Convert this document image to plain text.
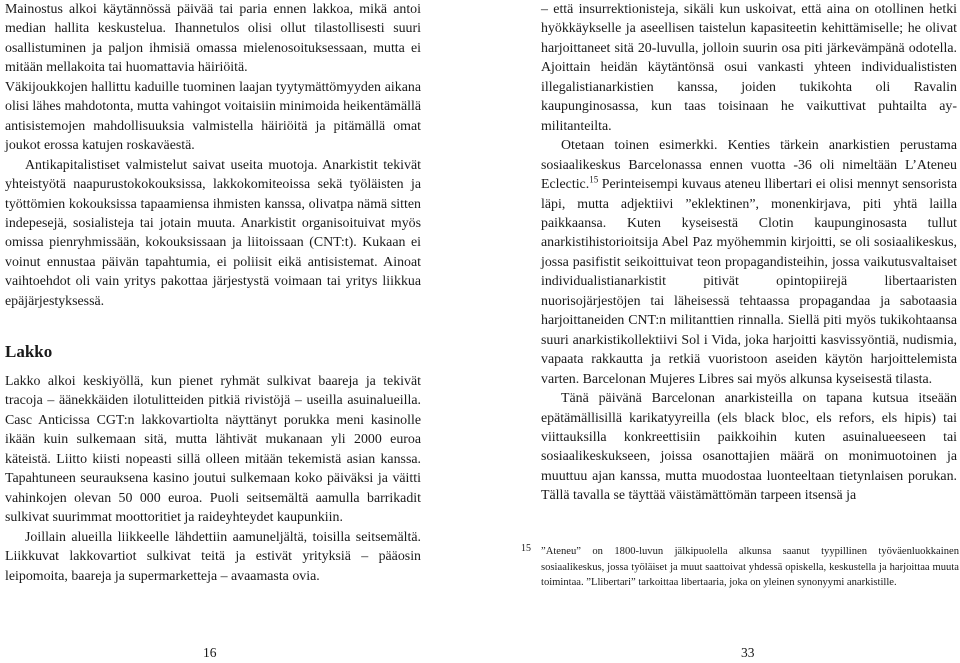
Mainostus alkoi käytännössä päivää tai paria ennen lakkoa, mikä antoi median hallita keskustelua. Ihannetulos olisi ollut tilastollisesti suuri osallistuminen ja paljon ihmisiä omassa mielenosoituksessaan, mutta ei mitään mellakoita tai huomattavia häiriöitä.

Väkijoukkojen hallittu kaduille tuominen laajan tyytymättömyyden aikana olisi lähes mahdotonta, mutta vahingot voitaisiin minimoida heikentämällä antisistemojen mahdollisuuksia valmistella häiriöitä ja pitämällä omat joukot erossa katujen roskaväestä.

Antikapitalistiset valmistelut saivat useita muotoja. Anarkistit tekivät yhteistyötä naapurustokokouksissa, lakkokomiteoissa sekä työläisten ja työttömien kokouksissa tapaamiensa ihmisten kanssa, olivatpa nämä sitten indepesejä, sosialisteja tai jotain muuta. Anarkistit organisoituivat myös omissa pienryhmissään, kokouksissaan ja liitoissaan (CNT:t). Kukaan ei voinut ennustaa päivän tapahtumia, ei poliisit eikä antisistemat. Ainoat vaihtoehdot oli vain yritys pakottaa järjestystä voimaan tai yritys liikkua epäjärjestyksessä.

Lakko

Lakko alkoi keskiyöllä, kun pienet ryhmät sulkivat baareja ja tekivät tracoja – äänekkäiden ilotulitteiden pitkiä rivistöjä – useilla asuinalueilla. Casc Anticissa CGT:n lakkovartiolta näyttänyt porukka meni kasinolle ikään kuin sulkemaan sitä, mutta lähtivät mukanaan yli 2000 euroa käteistä. Liitto kiisti nopeasti sillä olleen mitään tekemistä asian kanssa. Tapahtuneen seurauksena kasino joutui sulkemaan koko päiväksi ja väitti vahinkojen olevan 50 000 euroa. Puoli seitsemältä aamulla barrikadit sulkivat suurimmat moottoritiet ja raideyhteydet kaupunkiin.

Joillain alueilla liikkeelle lähdettiin aamuneljältä, toisilla seitsemältä. Liikkuvat lakkovartiot sulkivat teitä ja estivät yrityksiä – pääosin leipomoita, baareja ja supermarketteja – avaamasta ovia.

16

– että insurrektionisteja, sikäli kun uskoivat, että aina on otollinen hetki hyökkäykselle ja aseellisen taistelun kapasiteetin kehittämiselle; he olivat harjoittaneet sitä 20-luvulla, jolloin suurin osa piti järkevämpänä odotella. Ajoittain heidän käytäntönsä osui vankasti yhteen individualististen illegalistianarkistien kanssa, joiden tukikohta oli Ravalin kaupunginosassa, kun taas toisinaan he vaikuttivat puhtailta ay-militanteilta.

Otetaan toinen esimerkki. Kenties tärkein anarkistien perustama sosiaalikeskus Barcelonassa ennen vuotta -36 oli nimeltään L’Ateneu Eclectic.$^{15}$ Perinteisempi kuvaus ateneu llibertari ei olisi mennyt sensorista läpi, mutta adjektiivi ”eklektinen”, monenkirjava, piti yhtä lailla paikkaansa. Kuten kyseisestä Clotin kaupunginosasta tullut anarkistihistorioitsija Abel Paz myöhemmin kirjoitti, se oli sosiaalikeskus, jossa pasifistit seikoittuivat teon propagandisteihin, jossa vaikutusvaltaiset individualistianarkistit pitivät opintopiirejä libertaaristen nuorisojärjestöjen tai läheisessä tehtaassa propagandaa ja sabotaasia harjoittaneiden CNT:n militanttien rinnalla. Siellä piti myös tukikohtaansa suuri anarkistikollektiivi Sol i Vida, joka harjoitti kasvissyöntiä, nudismia, vapaata rakkautta ja retkiä vuoristoon aseiden käytön harjoittelemista varten. Barcelonan Mujeres Libres sai myös alkunsa kyseisestä tilasta.

Tänä päivänä Barcelonan anarkisteilla on tapana kutsua itseään epätämällisillä karikatyyreilla (els black bloc, els refors, els hipis) tai viittauksilla konkreettisiin paikkoihin kuten asuinalueeseen tai sosiaalikeskukseen, joissa osanottajien määrä on monimuotoinen ja muuttuu ajan kanssa, mutta muodostaa luonteeltaan tietynlaisen porukan. Tällä tavalla se täyttää väistämättömän tarpeen itsensä ja

15 ”Ateneu” on 1800-luvun jälkipuolella alkunsa saanut tyypillinen työväenluokkainen sosiaalikeskus, jossa työläiset ja muut saattoivat yhdessä opiskella, keskustella ja harjoittaa muuta toimintaa. ”Llibertari” tarkoittaa libertaaria, joka on yleinen synonyymi anarkistille.
33
